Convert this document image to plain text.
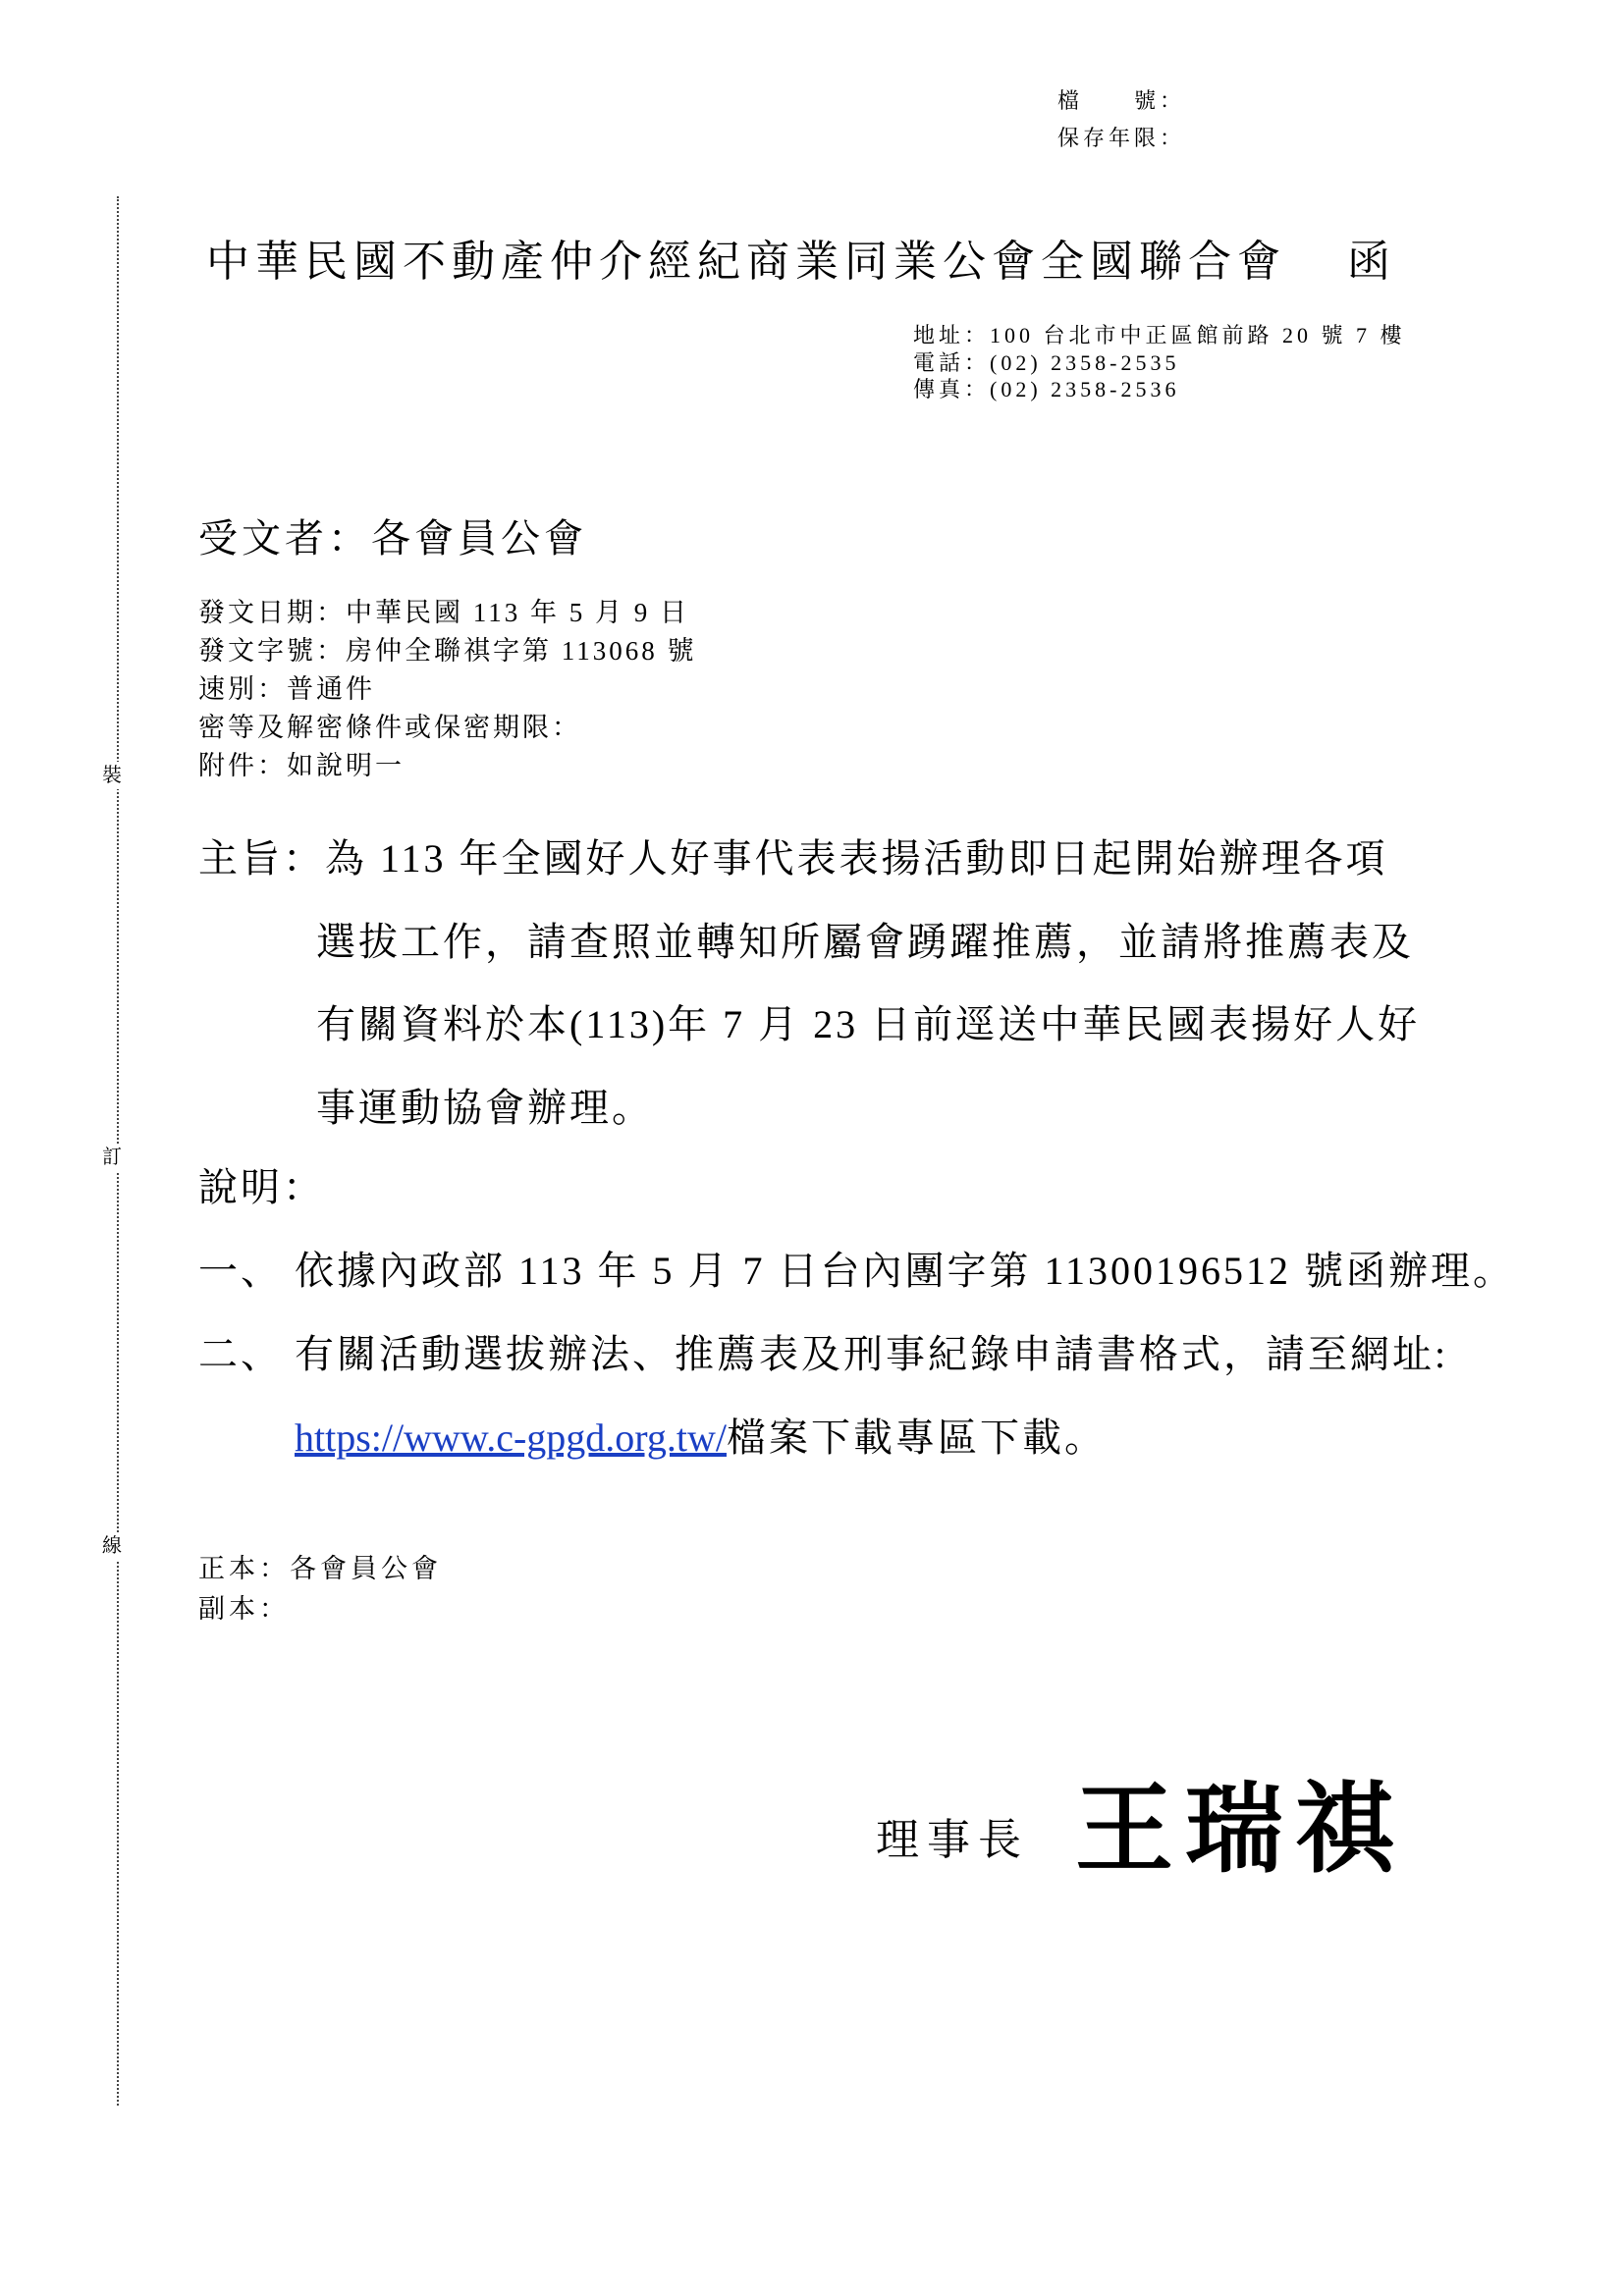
檔　　號：
保存年限：
裝
訂
線
中華民國不動產仲介經紀商業同業公會全國聯合會 函
地址：100 台北市中正區館前路 20 號 7 樓
電話：(02) 2358-2535
傳真：(02) 2358-2536
受文者：各會員公會
發文日期：中華民國 113 年 5 月 9 日
發文字號：房仲全聯祺字第 113068 號
速別：普通件
密等及解密條件或保密期限：
附件：如說明一
主旨：為 113 年全國好人好事代表表揚活動即日起開始辦理各項
選拔工作，請查照並轉知所屬會踴躍推薦，並請將推薦表及
有關資料於本(113)年 7 月 23 日前逕送中華民國表揚好人好
事運動協會辦理。
說明：
一、 依據內政部 113 年 5 月 7 日台內團字第 11300196512 號函辦理。
二、 有關活動選拔辦法、推薦表及刑事紀錄申請書格式，請至網址:
https://www.c-gpgd.org.tw/檔案下載專區下載。
正本：各會員公會
副本：
理事長 王瑞祺
